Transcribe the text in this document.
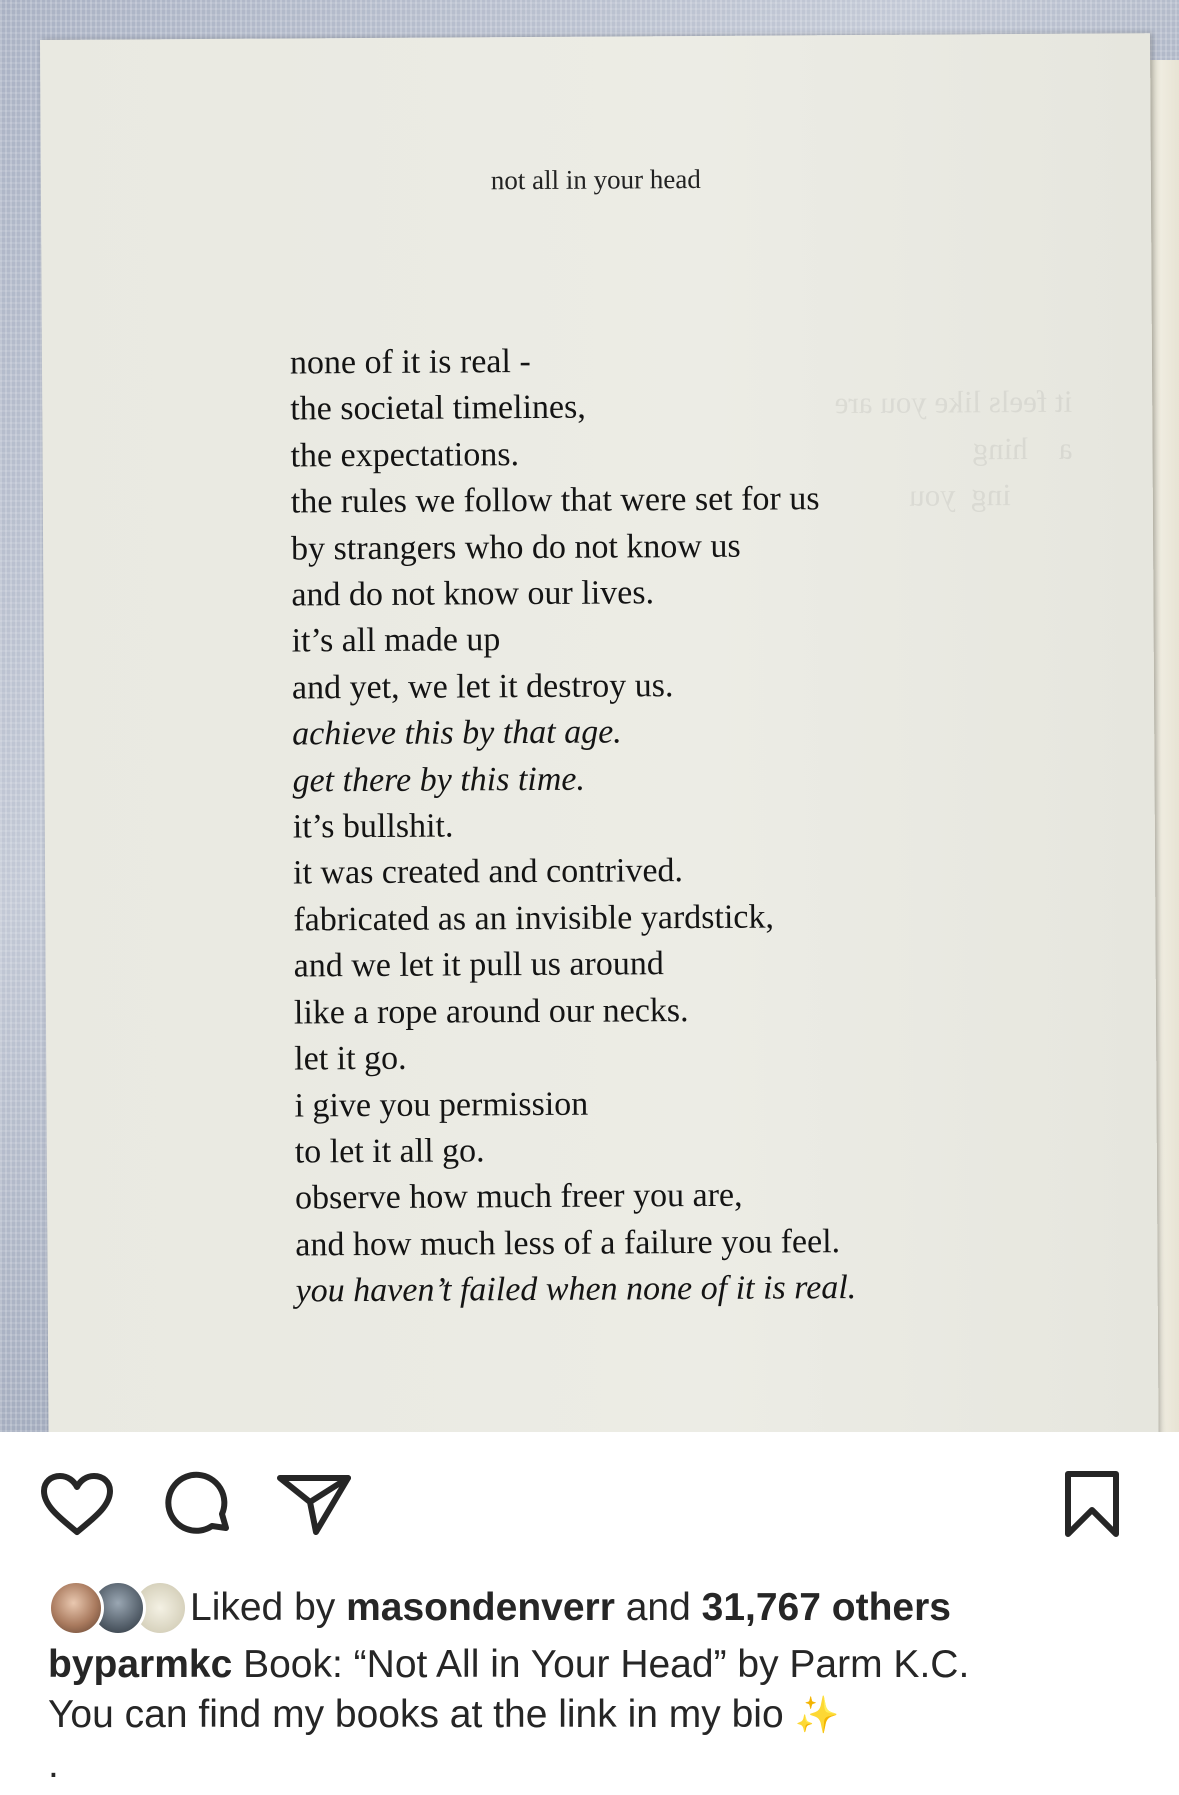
it feels like you are
a    hing
ing  you

not all in your head
none of it is real -
the societal timelines,
the expectations.
the rules we follow that were set for us
by strangers who do not know us
and do not know our lives.
it’s all made up
and yet, we let it destroy us.
achieve this by that age.
get there by this time.
it’s bullshit.
it was created and contrived.
fabricated as an invisible yardstick,
and we let it pull us around
like a rope around our necks.
let it go.
i give you permission
to let it all go.
observe how much freer you are,
and how much less of a failure you feel.
you haven’t failed when none of it is real.
Liked by
masondenverr
and
31,767 others
byparmkc Book: “Not All in Your Head” by Parm K.C.
You can find my books at the link in my bio ✨
.
